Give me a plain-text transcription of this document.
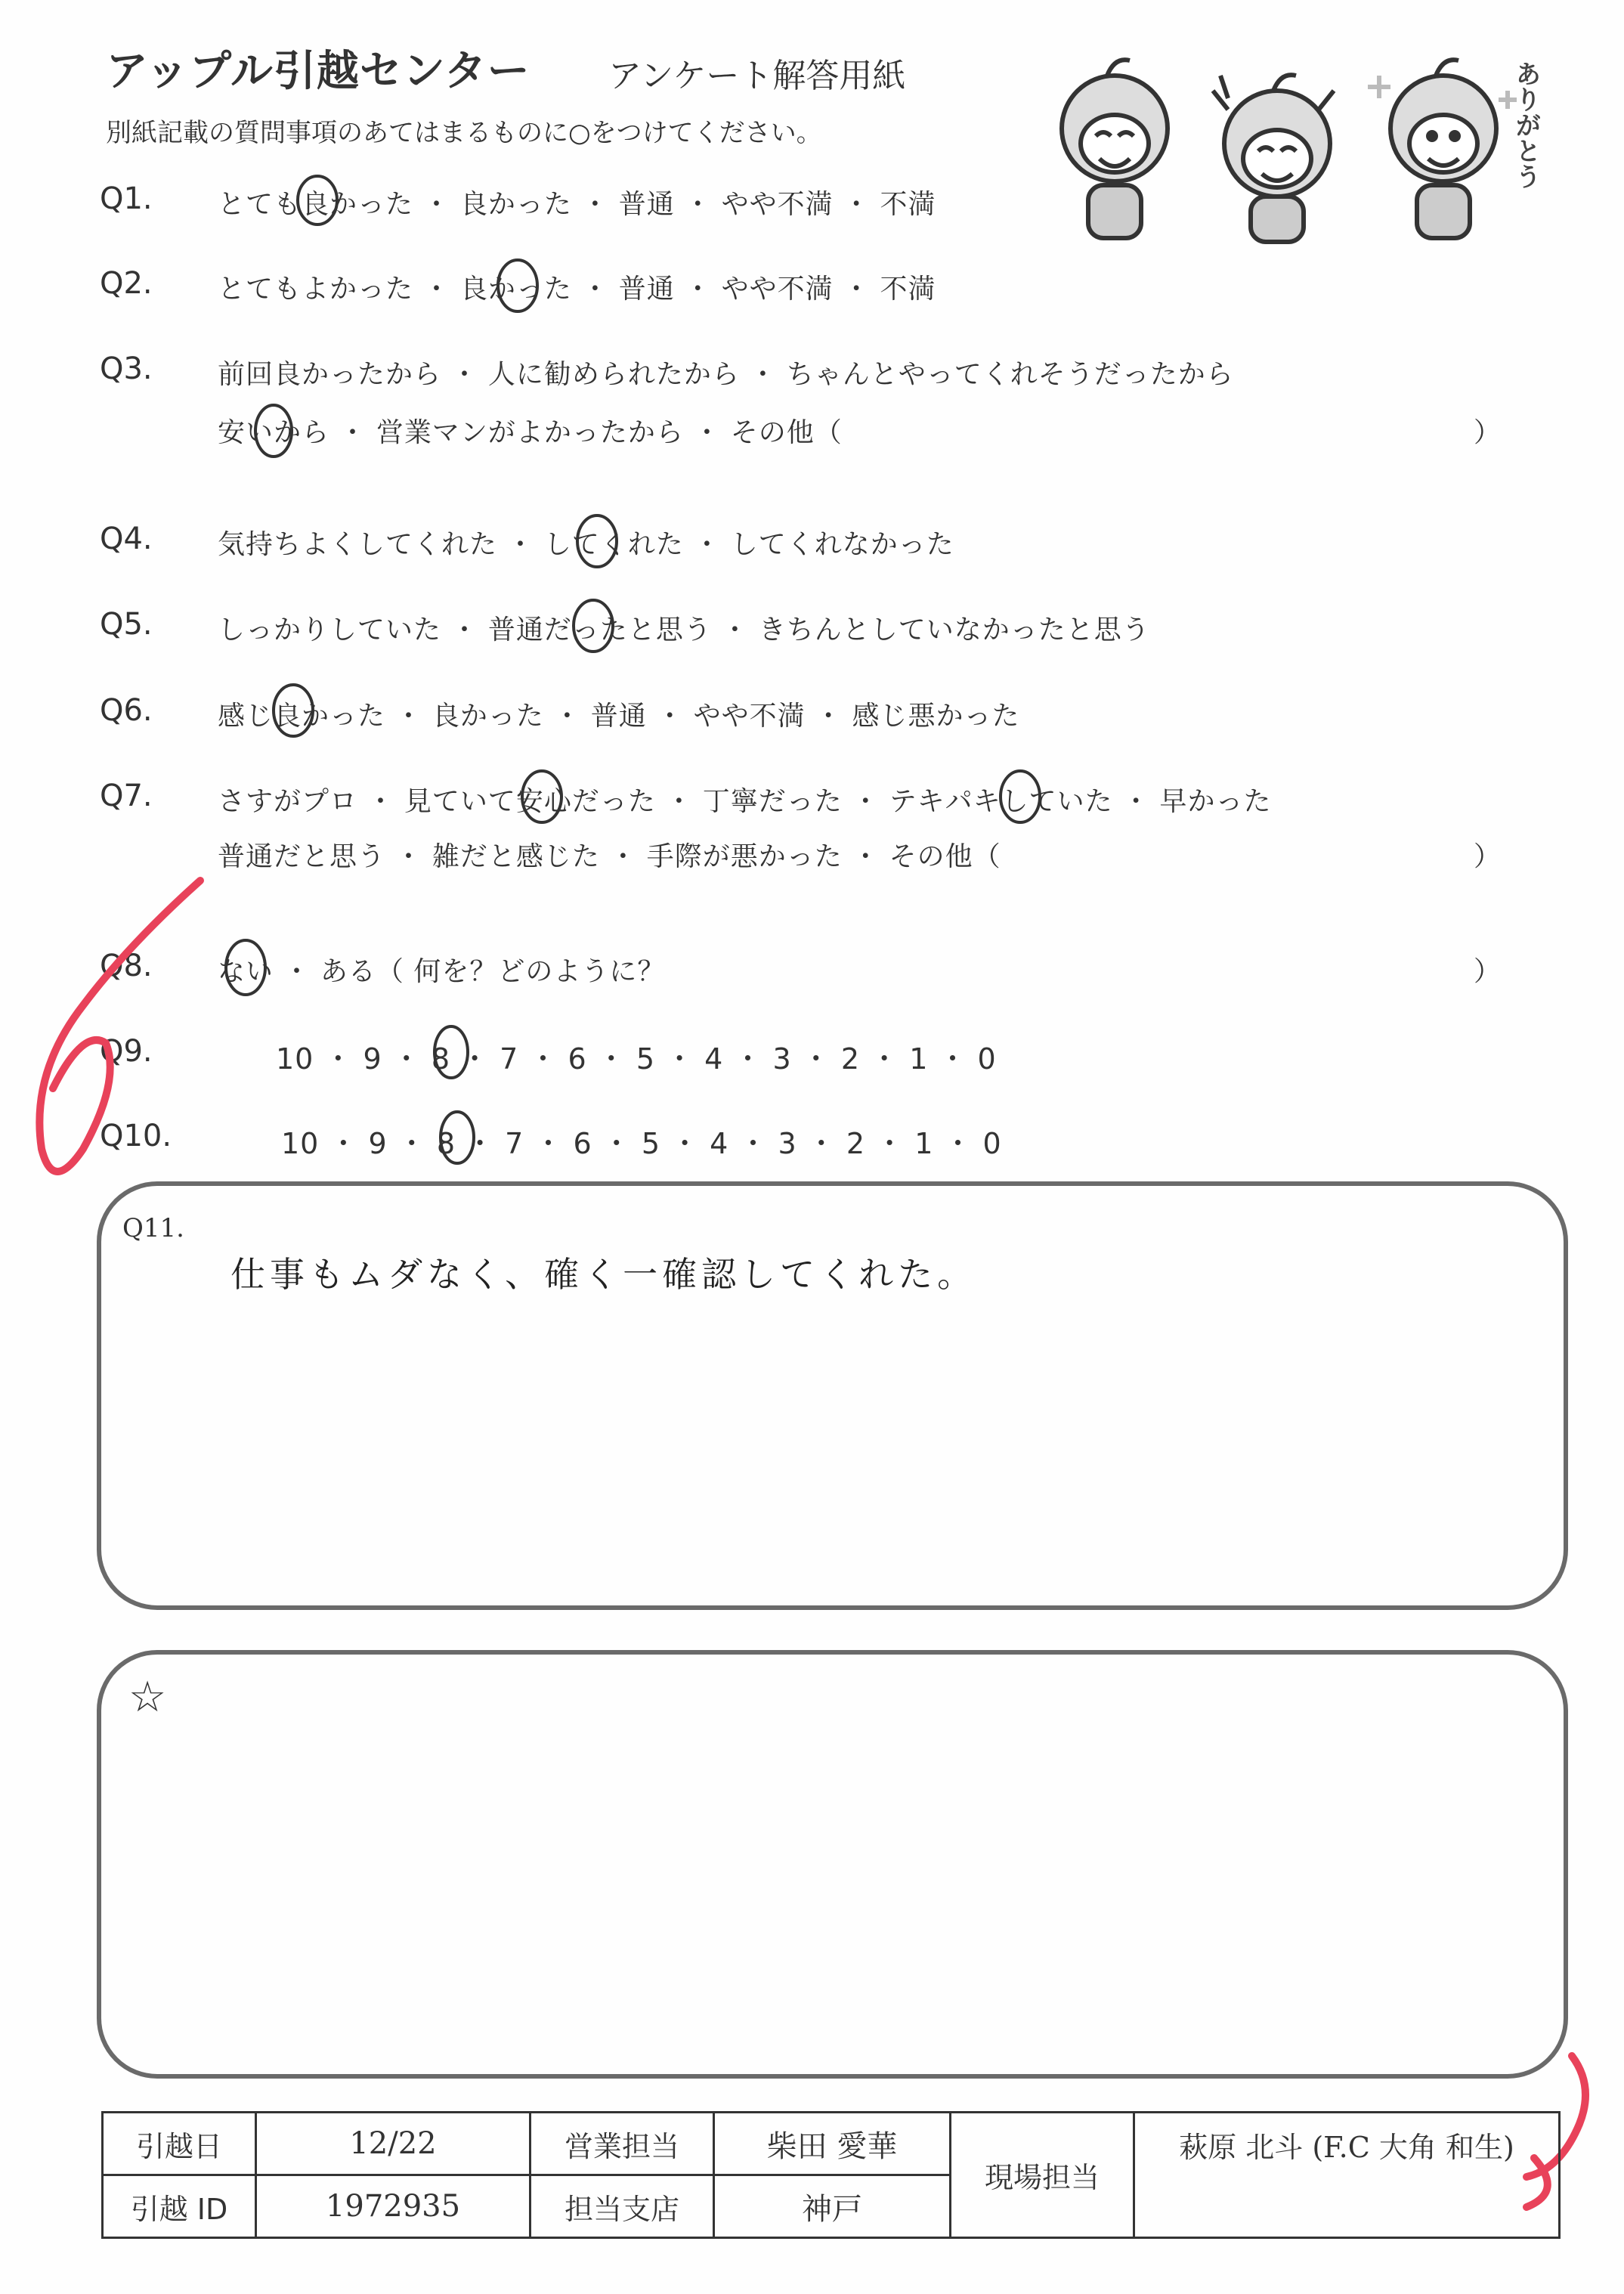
アップル引越センター アンケート解答用紙
別紙記載の質問事項のあてはまるものに○をつけてください。	ありがとう
Q1. とても良かった ・ 良かった ・ 普通 ・ やや不満 ・ 不満
Q2. とてもよかった ・ 良かった ・ 普通 ・ やや不満 ・ 不満
Q3. 前回良かったから ・ 人に勧められたから ・ ちゃんとやってくれそうだったから
安いから ・ 営業マンがよかったから ・ その他（	）
Q4. 気持ちよくしてくれた ・ してくれた ・ してくれなかった
Q5. しっかりしていた ・ 普通だったと思う ・ きちんとしていなかったと思う
Q6. 感じ良かった ・ 良かった ・ 普通 ・ やや不満 ・ 感じ悪かった
Q7. さすがプロ ・ 見ていて安心だった ・ 丁寧だった ・ テキパキしていた ・ 早かった
普通だと思う ・ 雑だと感じた ・ 手際が悪かった ・ その他（	）
Q8. ない ・ ある（ 何を？どのように？	）
Q9.	10 ・ 9 ・ 8 ・ 7 ・ 6 ・ 5 ・ 4 ・ 3 ・ 2 ・ 1 ・ 0
Q10.	10 ・ 9 ・ 8 ・ 7 ・ 6 ・ 5 ・ 4 ・ 3 ・ 2 ・ 1 ・ 0
Q11.
仕事もムダなく、確く一確認してくれた。
☆
引越日	12/22	営業担当	柴田 愛華	現場担当	萩原 北斗 (F.C 大角 和生)
引越 ID	1972935	担当支店	神戸		
